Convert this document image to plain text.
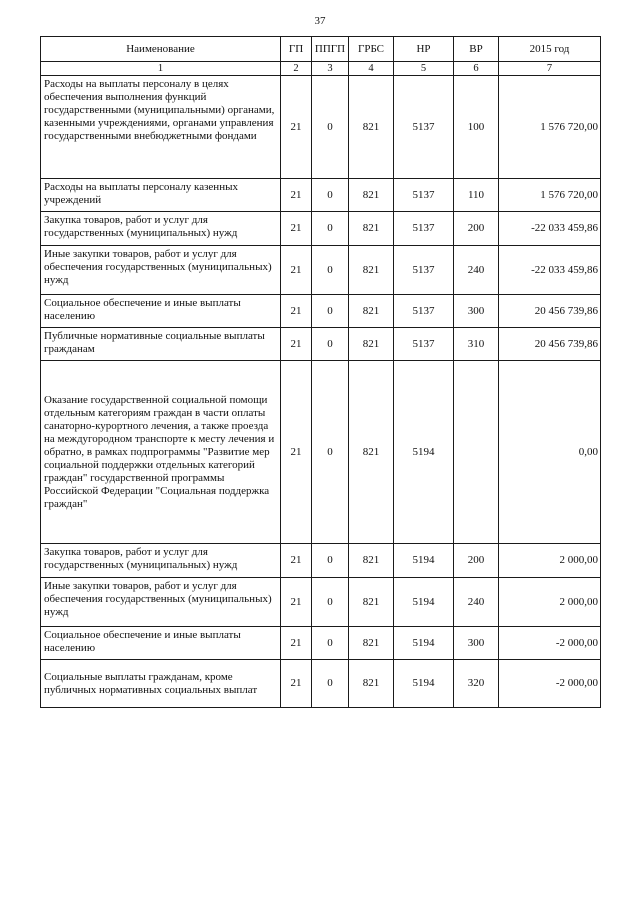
37
Наименование	ГП	ППГП	ГРБС	НР	ВР	2015 год
1	2	3	4	5	6	7
Расходы на выплаты персоналу в целях обеспечения выполнения функций государственными (муниципальными) органами, казенными учреждениями, органами управления государственными внебюджетными фондами	21	0	821	5137	100	1 576 720,00
Расходы на выплаты персоналу казенных учреждений	21	0	821	5137	110	1 576 720,00
Закупка товаров, работ и услуг для государственных (муниципальных) нужд	21	0	821	5137	200	-22 033 459,86
Иные закупки товаров, работ и услуг для обеспечения государственных (муниципальных) нужд	21	0	821	5137	240	-22 033 459,86
Социальное обеспечение и иные выплаты населению	21	0	821	5137	300	20 456 739,86
Публичные нормативные социальные выплаты гражданам	21	0	821	5137	310	20 456 739,86
Оказание государственной социальной помощи отдельным категориям граждан в части оплаты санаторно-курортного лечения, а также проезда на междугородном транспорте к месту лечения и обратно, в рамках подпрограммы "Развитие мер социальной поддержки отдельных категорий граждан" государственной программы Российской Федерации "Социальная поддержка граждан"	21	0	821	5194		0,00
Закупка товаров, работ и услуг для государственных (муниципальных) нужд	21	0	821	5194	200	2 000,00
Иные закупки товаров, работ и услуг для обеспечения государственных (муниципальных) нужд	21	0	821	5194	240	2 000,00
Социальное обеспечение и иные выплаты населению	21	0	821	5194	300	-2 000,00
Социальные выплаты гражданам, кроме публичных нормативных социальных выплат	21	0	821	5194	320	-2 000,00
